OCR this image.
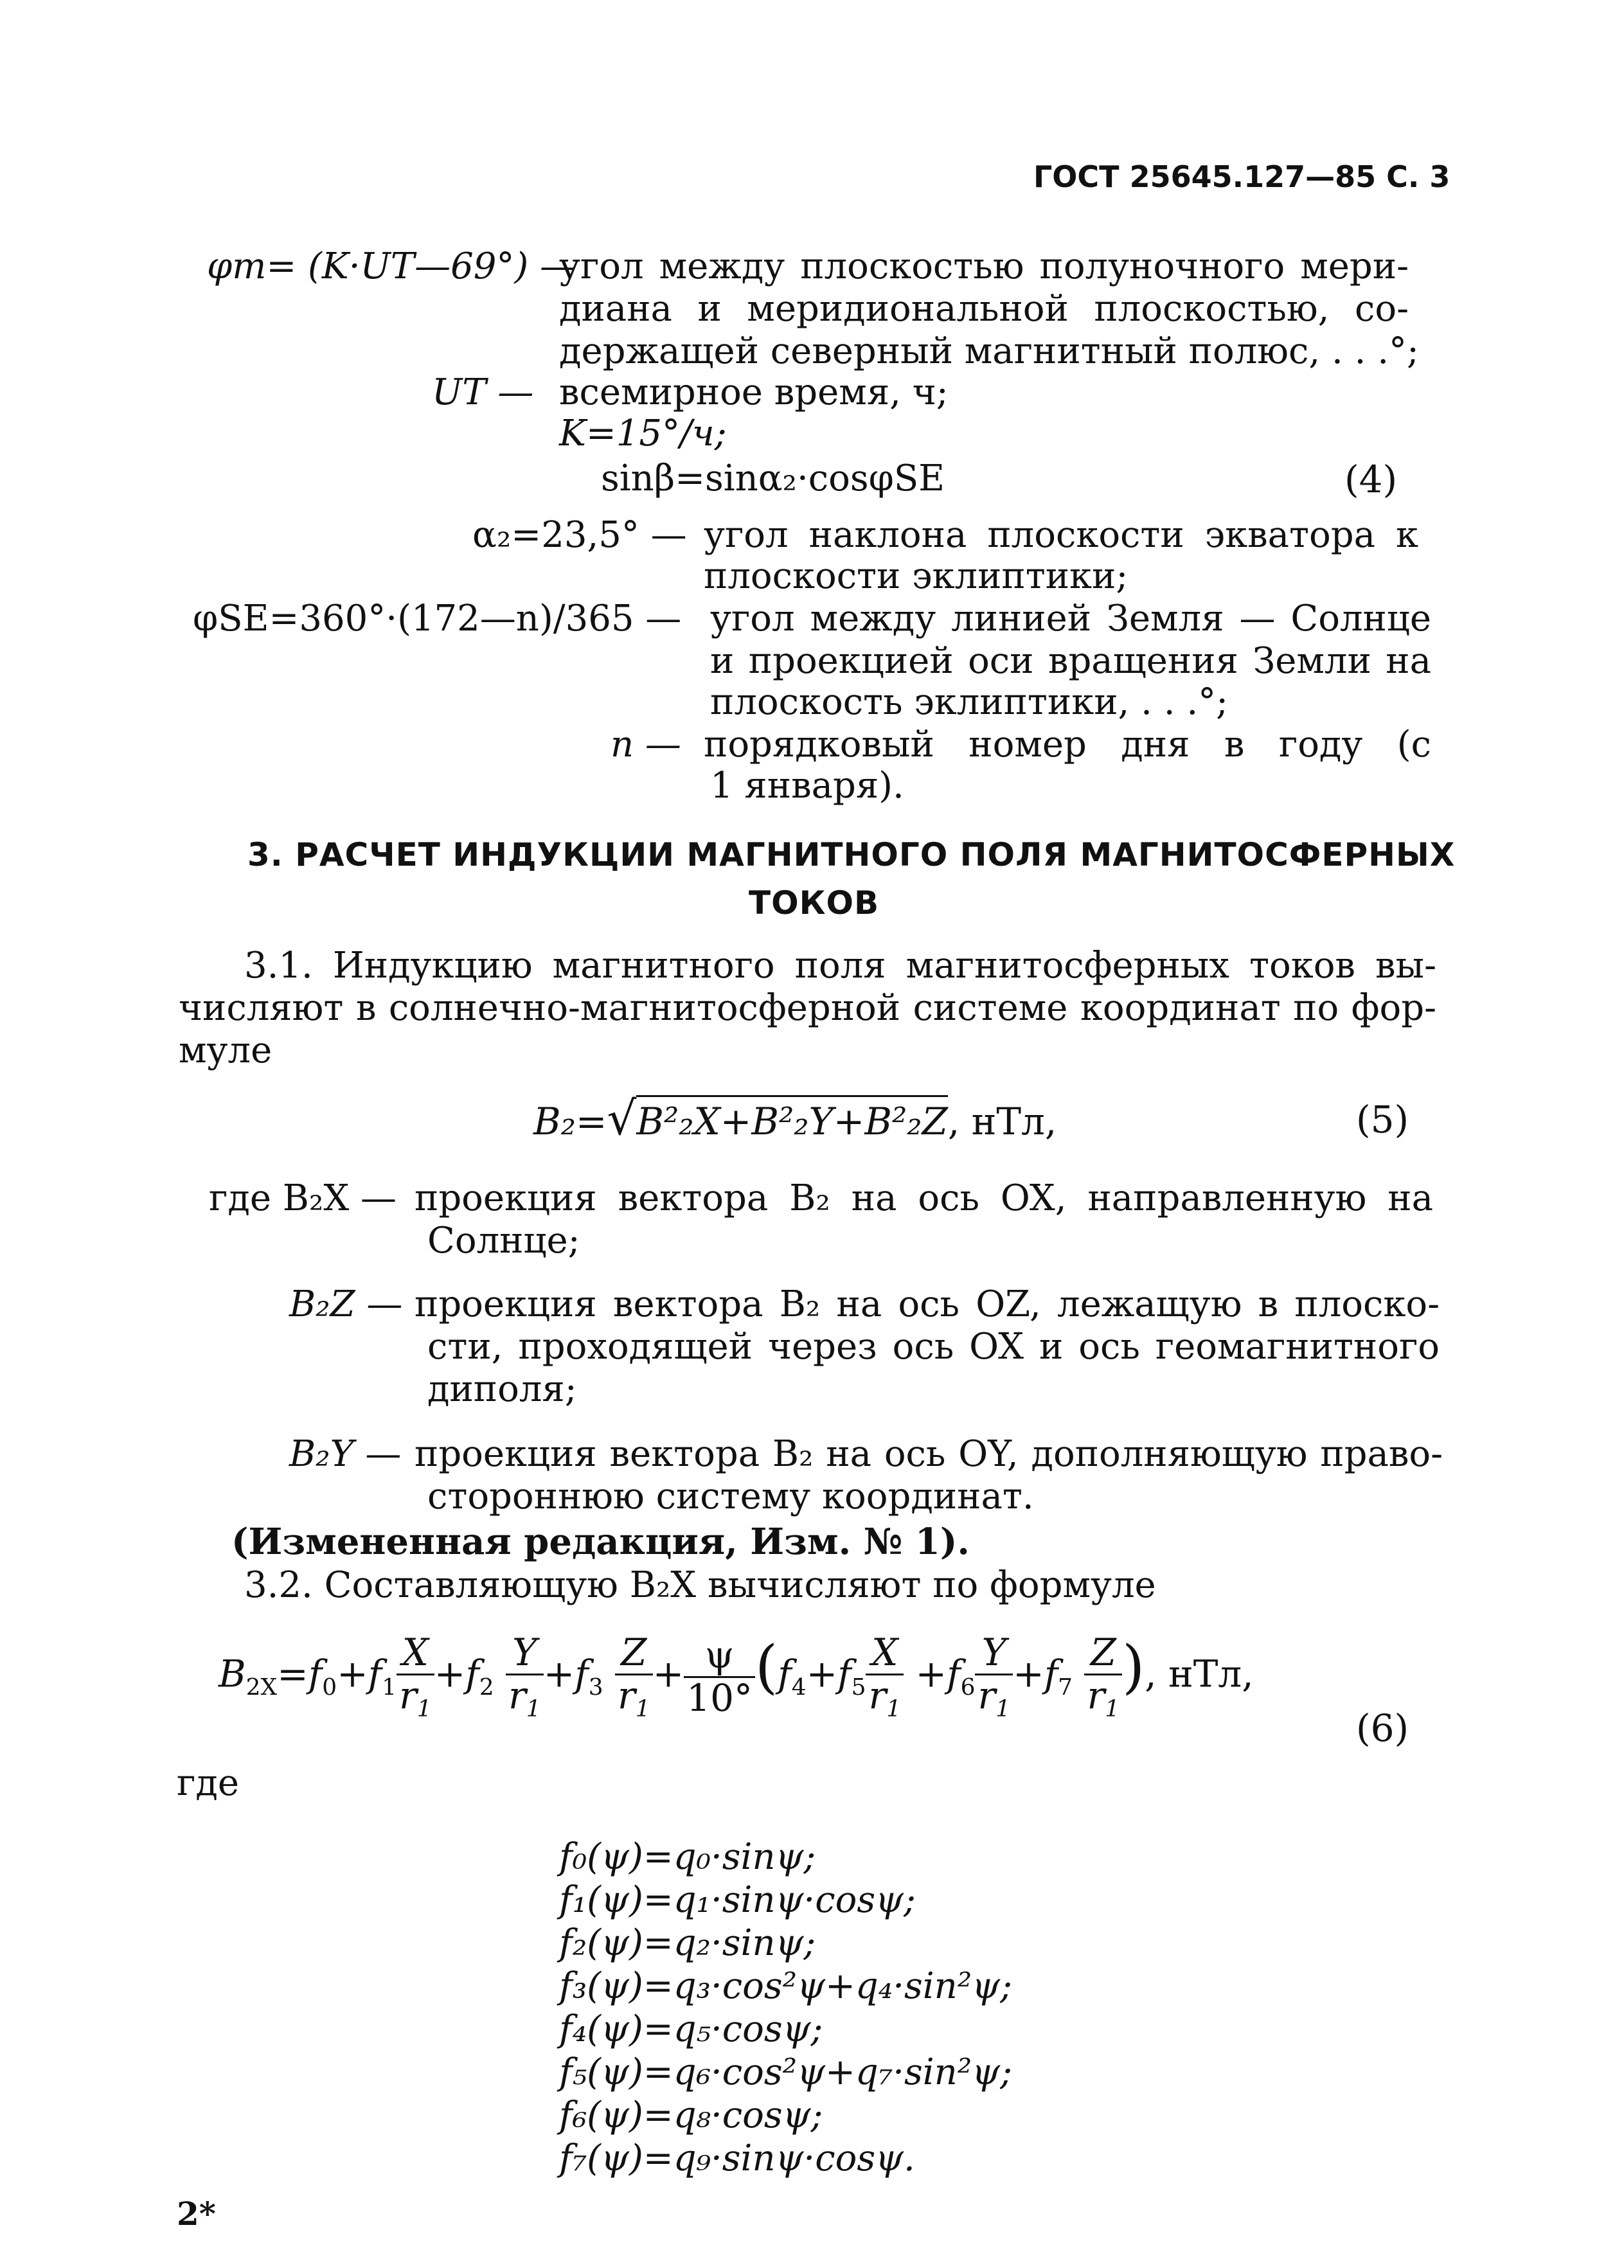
ГОСТ 25645.127—85 С. 3
φm= (K·UT—69°) —
угол между плоскостью полуночного мери-
диана и меридиональной плоскостью, со-
держащей северный магнитный полюс, . . .°;
UT — всемирное время, ч;
K=15°/ч;
sinβ=sinα₂·cosφSE	(4)
α₂=23,5° — угол наклона плоскости экватора к
плоскости эклиптики;
φSE=360°·(172—n)/365 — угол между линией Земля — Солнце
и проекцией оси вращения Земли на
плоскость эклиптики, . . .°;
n — порядковый номер дня в году (с
1 января).
3. РАСЧЕТ ИНДУКЦИИ МАГНИТНОГО ПОЛЯ МАГНИТОСФЕРНЫХ
ТОКОВ
3.1. Индукцию магнитного поля магнитосферных токов вы-
числяют в солнечно-магнитосферной системе координат по фор-
муле
B₂=√B²₂X+B²₂Y+B²₂Z, нТл,	(5)
где B₂X — проекция вектора B₂ на ось OX, направленную на
Солнце;
B₂Z — проекция вектора B₂ на ось OZ, лежащую в плоско-
сти, проходящей через ось OX и ось геомагнитного
диполя;
B₂Y — проекция вектора B₂ на ось OY, дополняющую право-
стороннюю систему координат.
(Измененная редакция, Изм. № 1).
3.2. Составляющую B₂X вычисляют по формуле
$B_{2X}=f_0+f_1 \frac{X}{r_1} +f_2 \frac{Y}{r_1} +f_3 \frac{Z}{r_1} + \frac{\psi}{10^\circ} (f_4+f_5 \frac{X}{r_1} +f_6 \frac{Y}{r_1} +f_7 \frac{Z}{r_1}$ ), нТл,
(6)
где
f₀(ψ)=q₀·sinψ;
f₁(ψ)=q₁·sinψ·cosψ;
f₂(ψ)=q₂·sinψ;
f₃(ψ)=q₃·cos²ψ+q₄·sin²ψ;
f₄(ψ)=q₅·cosψ;
f₅(ψ)=q₆·cos²ψ+q₇·sin²ψ;
f₆(ψ)=q₈·cosψ;
f₇(ψ)=q₉·sinψ·cosψ.
2*
